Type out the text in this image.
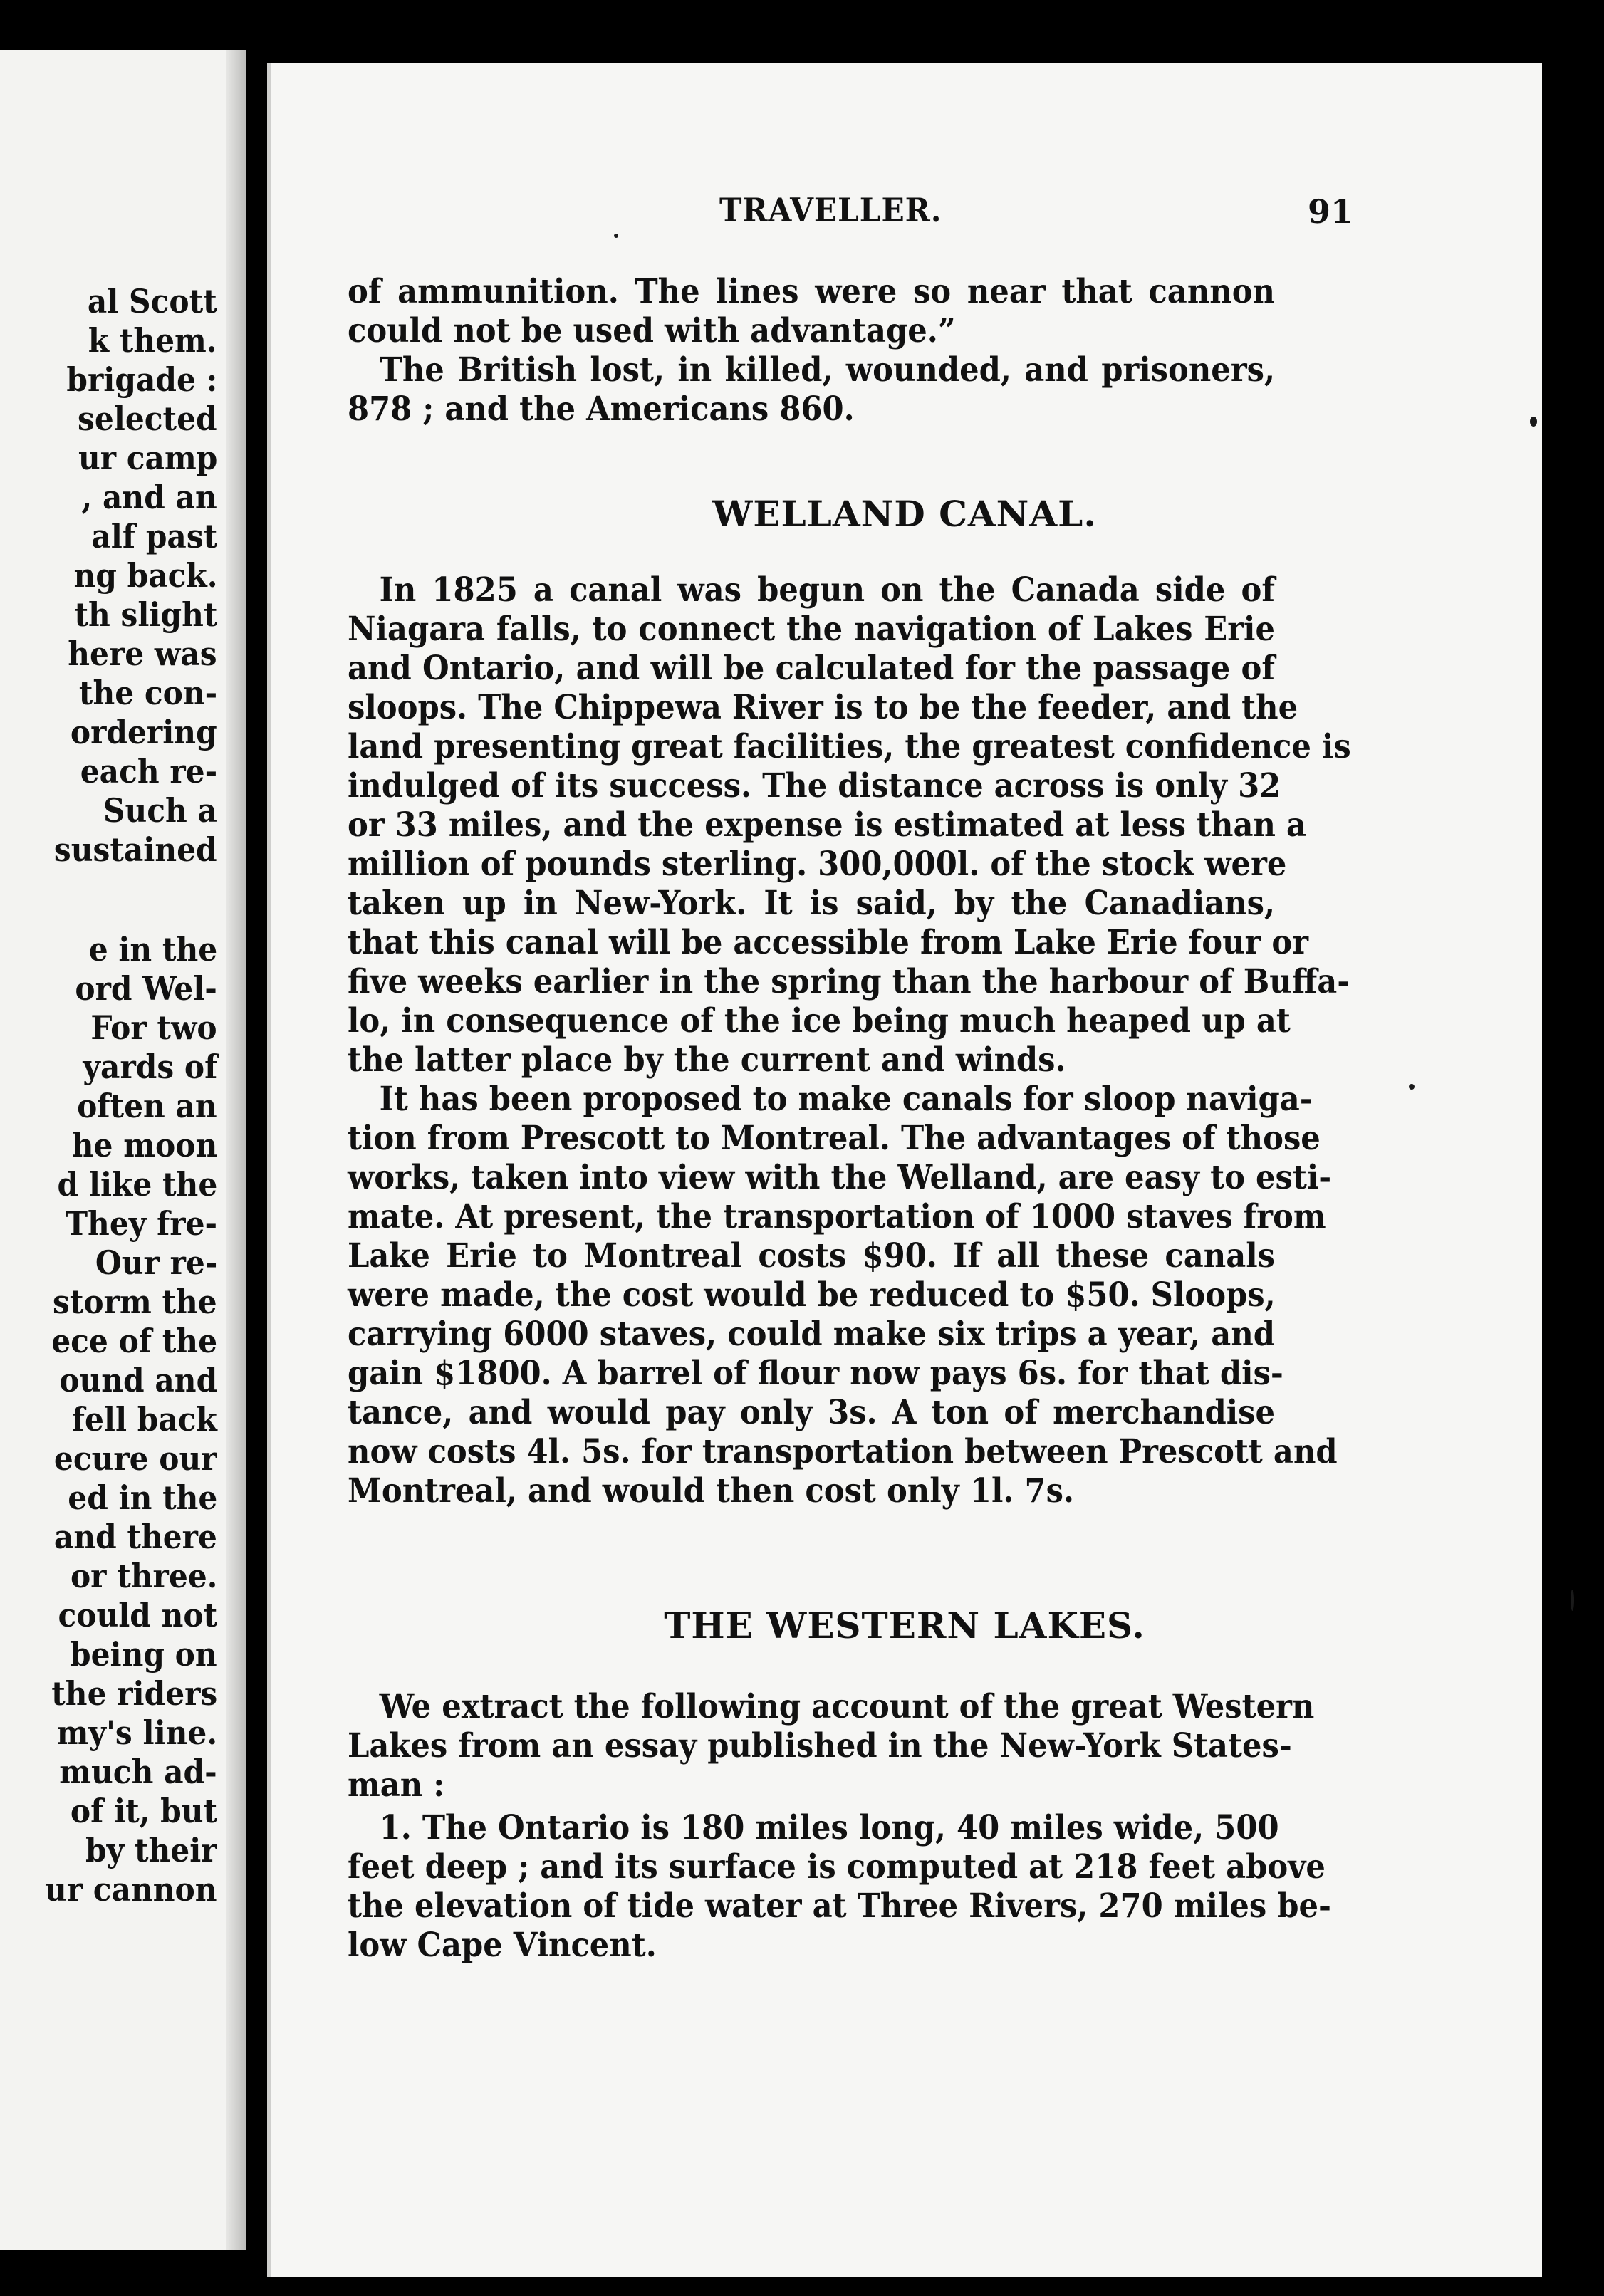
al Scott
k them.
brigade :
selected
ur camp
, and an
alf past
ng back.
th slight
here was
the con-
ordering
each re-
Such a
sustained
e in the
ord Wel-
For two
yards of
often an
he moon
d like the
They fre-
Our re-
storm the
ece of the
ound and
fell back
ecure our
ed in the
and there
or three.
could not
being on
the riders
my's line.
much ad-
of it, but
by their
ur cannon
TRAVELLER.	91
of ammunition. The lines were so near that cannon
could not be used with advantage.”
The British lost, in killed, wounded, and prisoners,
878 ; and the Americans 860.
WELLAND CANAL.
In 1825 a canal was begun on the Canada side of
Niagara falls, to connect the navigation of Lakes Erie
and Ontario, and will be calculated for the passage of
sloops. The Chippewa River is to be the feeder, and the
land presenting great facilities, the greatest confidence is
indulged of its success. The distance across is only 32
or 33 miles, and the expense is estimated at less than a
million of pounds sterling. 300,000l. of the stock were
taken up in New-York. It is said, by the Canadians,
that this canal will be accessible from Lake Erie four or
five weeks earlier in the spring than the harbour of Buffa-
lo, in consequence of the ice being much heaped up at
the latter place by the current and winds.
It has been proposed to make canals for sloop naviga-
tion from Prescott to Montreal. The advantages of those
works, taken into view with the Welland, are easy to esti-
mate. At present, the transportation of 1000 staves from
Lake Erie to Montreal costs $90. If all these canals
were made, the cost would be reduced to $50. Sloops,
carrying 6000 staves, could make six trips a year, and
gain $1800. A barrel of flour now pays 6s. for that dis-
tance, and would pay only 3s. A ton of merchandise
now costs 4l. 5s. for transportation between Prescott and
Montreal, and would then cost only 1l. 7s.
THE WESTERN LAKES.
We extract the following account of the great Western
Lakes from an essay published in the New-York States-
man :
1. The Ontario is 180 miles long, 40 miles wide, 500
feet deep ; and its surface is computed at 218 feet above
the elevation of tide water at Three Rivers, 270 miles be-
low Cape Vincent.
